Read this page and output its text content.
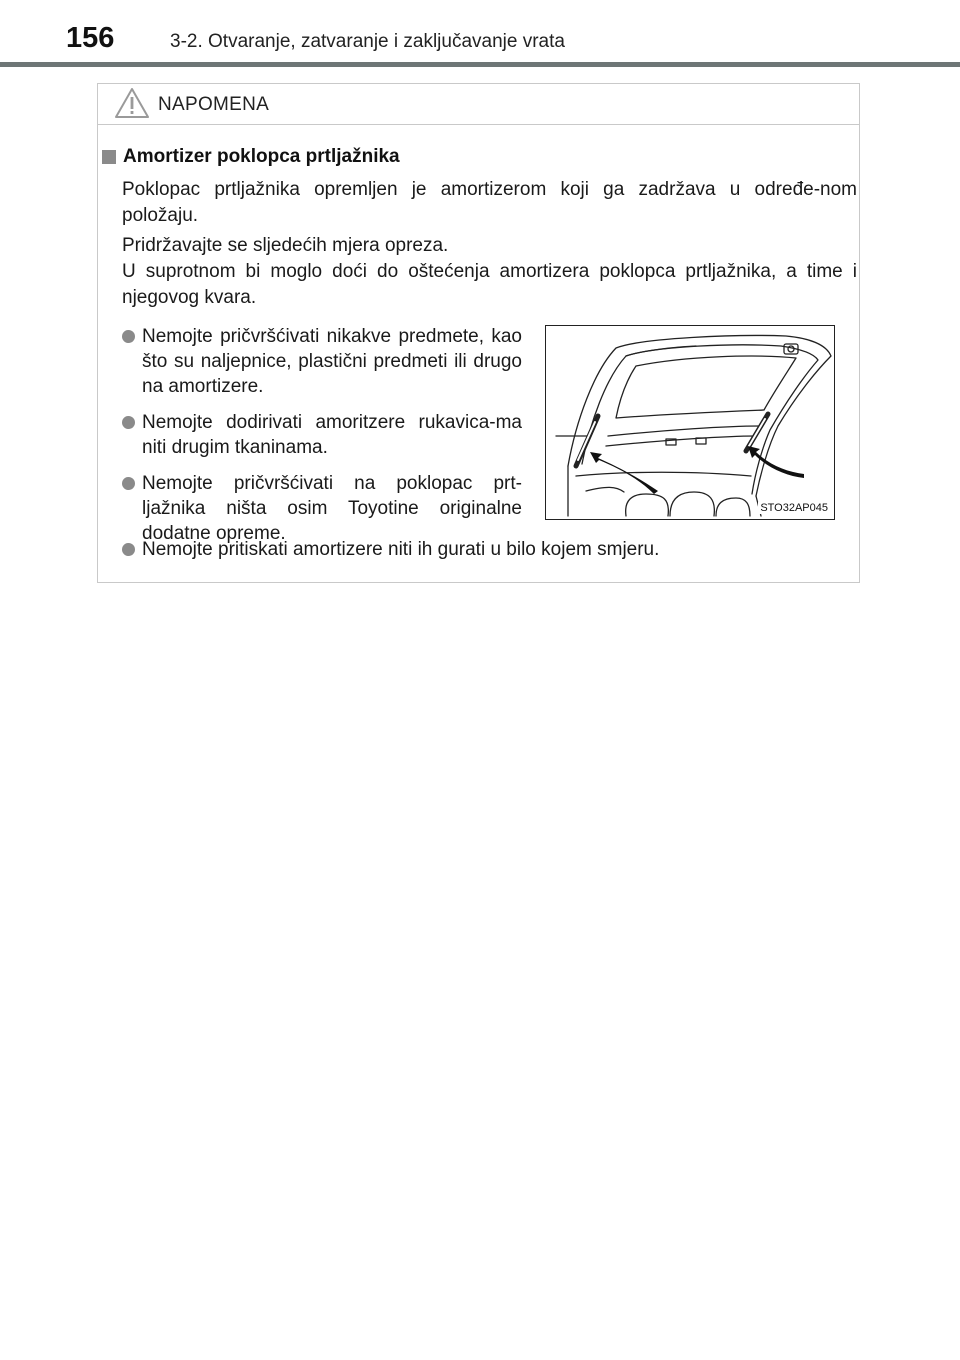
156	3-2. Otvaranje, zatvaranje i zaključavanje vrata
NAPOMENA
Amortizer poklopca prtljažnika

Poklopac prtljažnika opremljen je amortizerom koji ga zadržava u određe-nom položaju.

Pridržavajte se sljedećih mjera opreza.
U suprotnom bi moglo doći do oštećenja amortizera poklopca prtljažnika, a time i njegovog kvara.
Nemojte pričvršćivati nikakve predmete, kao što su naljepnice, plastični predmeti ili drugo na amortizere.
Nemojte dodirivati amoritzere rukavica-ma niti drugim tkaninama.
Nemojte pričvršćivati na poklopac prt-ljažnika ništa osim Toyotine originalne dodatne opreme.
Nemojte pritiskati amortizere niti ih gurati u bilo kojem smjeru.
STO32AP045
